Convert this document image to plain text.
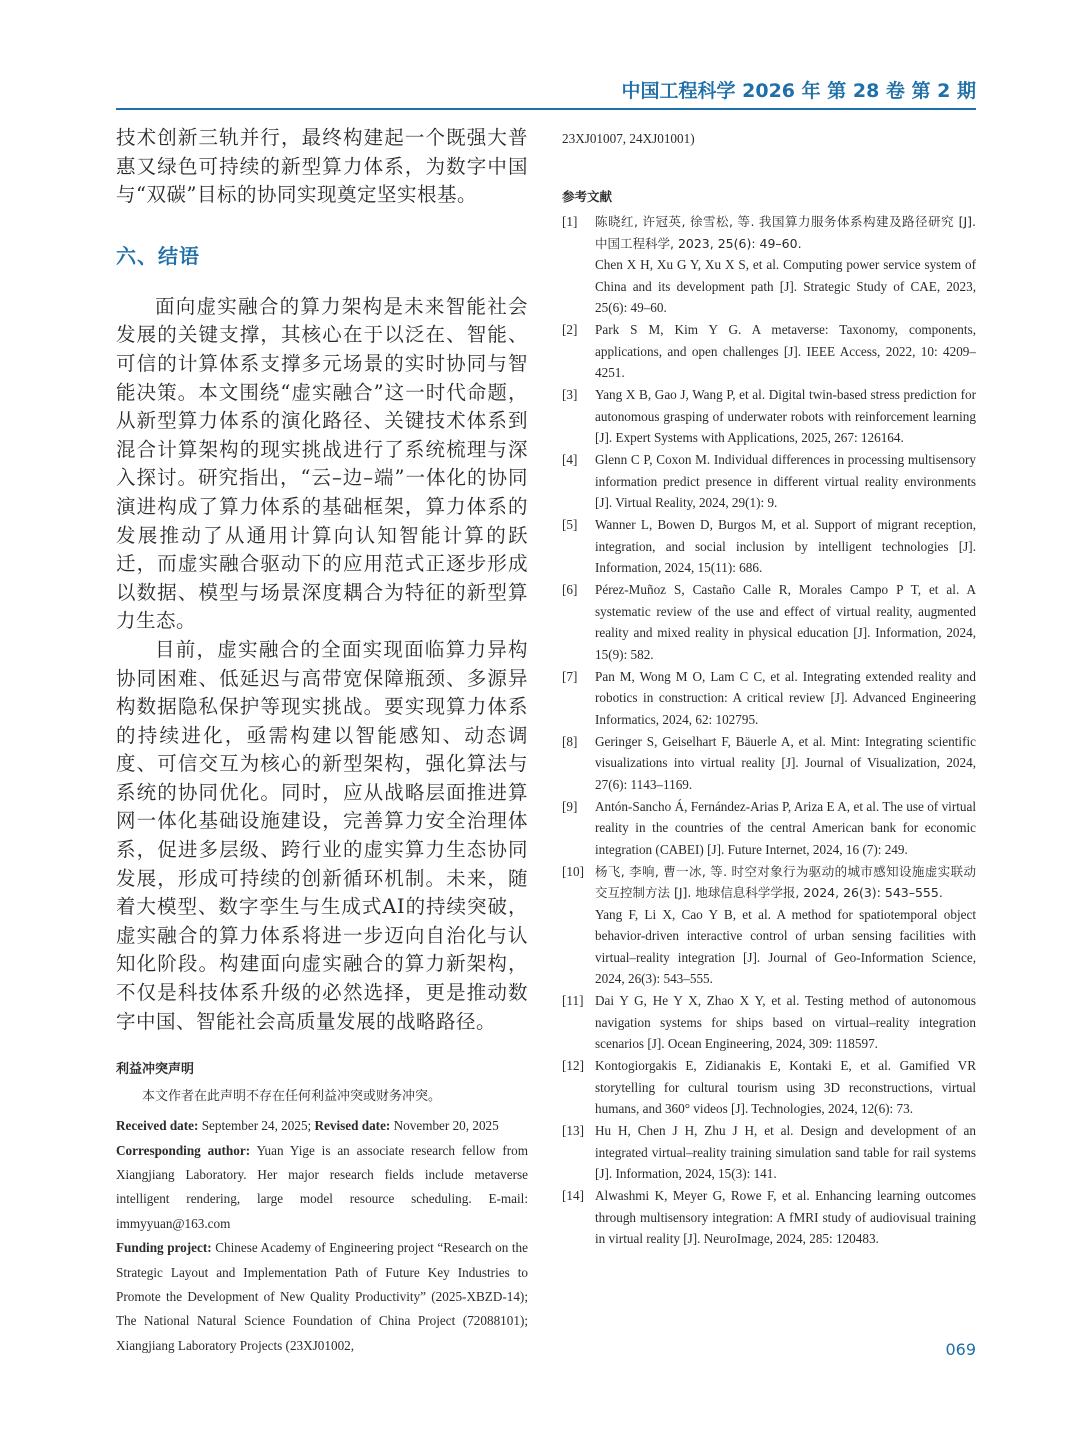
中国工程科学 2026 年 第 28 卷 第 2 期

技术创新三轨并行，最终构建起一个既强大普惠又绿色可持续的新型算力体系，为数字中国与“双碳”目标的协同实现奠定坚实根基。

六、结语

面向虚实融合的算力架构是未来智能社会发展的关键支撑，其核心在于以泛在、智能、可信的计算体系支撑多元场景的实时协同与智能决策。本文围绕“虚实融合”这一时代命题，从新型算力体系的演化路径、关键技术体系到混合计算架构的现实挑战进行了系统梳理与深入探讨。研究指出，“云–边–端”一体化的协同演进构成了算力体系的基础框架，算力体系的发展推动了从通用计算向认知智能计算的跃迁，而虚实融合驱动下的应用范式正逐步形成以数据、模型与场景深度耦合为特征的新型算力生态。

目前，虚实融合的全面实现面临算力异构协同困难、低延迟与高带宽保障瓶颈、多源异构数据隐私保护等现实挑战。要实现算力体系的持续进化，亟需构建以智能感知、动态调度、可信交互为核心的新型架构，强化算法与系统的协同优化。同时，应从战略层面推进算网一体化基础设施建设，完善算力安全治理体系，促进多层级、跨行业的虚实算力生态协同发展，形成可持续的创新循环机制。未来，随着大模型、数字孪生与生成式AI的持续突破，虚实融合的算力体系将进一步迈向自治化与认知化阶段。构建面向虚实融合的算力新架构，不仅是科技体系升级的必然选择，更是推动数字中国、智能社会高质量发展的战略路径。

利益冲突声明

本文作者在此声明不存在任何利益冲突或财务冲突。

Received date: September 24, 2025; Revised date: November 20, 2025

Corresponding author: Yuan Yige is an associate research fellow from Xiangjiang Laboratory. Her major research fields include metaverse intelligent rendering, large model resource scheduling. E-mail: immyyuan@163.com

Funding project: Chinese Academy of Engineering project “Research on the Strategic Layout and Implementation Path of Future Key Industries to Promote the Development of New Quality Productivity” (2025-XBZD-14); The National Natural Science Foundation of China Project (72088101); Xiangjiang Laboratory Projects (23XJ01002,

23XJ01007, 24XJ01001)

参考文献
[1]	陈晓红, 许冠英, 徐雪松, 等. 我国算力服务体系构建及路径研究 [J]. 中国工程科学, 2023, 25(6): 49–60.

Chen X H, Xu G Y, Xu X S, et al. Computing power service system of China and its development path [J]. Strategic Study of CAE, 2023, 25(6): 49–60.

[2]	Park S M, Kim Y G. A metaverse: Taxonomy, components, applications, and open challenges [J]. IEEE Access, 2022, 10: 4209–4251.

[3]	Yang X B, Gao J, Wang P, et al. Digital twin-based stress prediction for autonomous grasping of underwater robots with reinforcement learning [J]. Expert Systems with Applications, 2025, 267: 126164.

[4]	Glenn C P, Coxon M. Individual differences in processing multisensory information predict presence in different virtual reality environments [J]. Virtual Reality, 2024, 29(1): 9.

[5]	Wanner L, Bowen D, Burgos M, et al. Support of migrant reception, integration, and social inclusion by intelligent technologies [J]. Information, 2024, 15(11): 686.

[6]	Pérez-Muñoz S, Castaño Calle R, Morales Campo P T, et al. A systematic review of the use and effect of virtual reality, augmented reality and mixed reality in physical education [J]. Information, 2024, 15(9): 582.

[7]	Pan M, Wong M O, Lam C C, et al. Integrating extended reality and robotics in construction: A critical review [J]. Advanced Engineering Informatics, 2024, 62: 102795.

[8]	Geringer S, Geiselhart F, Bäuerle A, et al. Mint: Integrating scientific visualizations into virtual reality [J]. Journal of Visualization, 2024, 27(6): 1143–1169.

[9]	Antón-Sancho Á, Fernández-Arias P, Ariza E A, et al. The use of virtual reality in the countries of the central American bank for economic integration (CABEI) [J]. Future Internet, 2024, 16 (7): 249.

[10] 杨飞, 李响, 曹一冰, 等. 时空对象行为驱动的城市感知设施虚实联动交互控制方法 [J]. 地球信息科学学报, 2024, 26(3): 543–555.

Yang F, Li X, Cao Y B, et al. A method for spatiotemporal object behavior-driven interactive control of urban sensing facilities with virtual–reality integration [J]. Journal of Geo-Information Science, 2024, 26(3): 543–555.

[11] Dai Y G, He Y X, Zhao X Y, et al. Testing method of autonomous navigation systems for ships based on virtual–reality integration scenarios [J]. Ocean Engineering, 2024, 309: 118597.

[12] Kontogiorgakis E, Zidianakis E, Kontaki E, et al. Gamified VR storytelling for cultural tourism using 3D reconstructions, virtual humans, and 360° videos [J]. Technologies, 2024, 12(6): 73.

[13] Hu H, Chen J H, Zhu J H, et al. Design and development of an integrated virtual–reality training simulation sand table for rail systems [J]. Information, 2024, 15(3): 141.

[14] Alwashmi K, Meyer G, Rowe F, et al. Enhancing learning outcomes through multisensory integration: A fMRI study of audiovisual training in virtual reality [J]. NeuroImage, 2024, 285: 120483.

069
